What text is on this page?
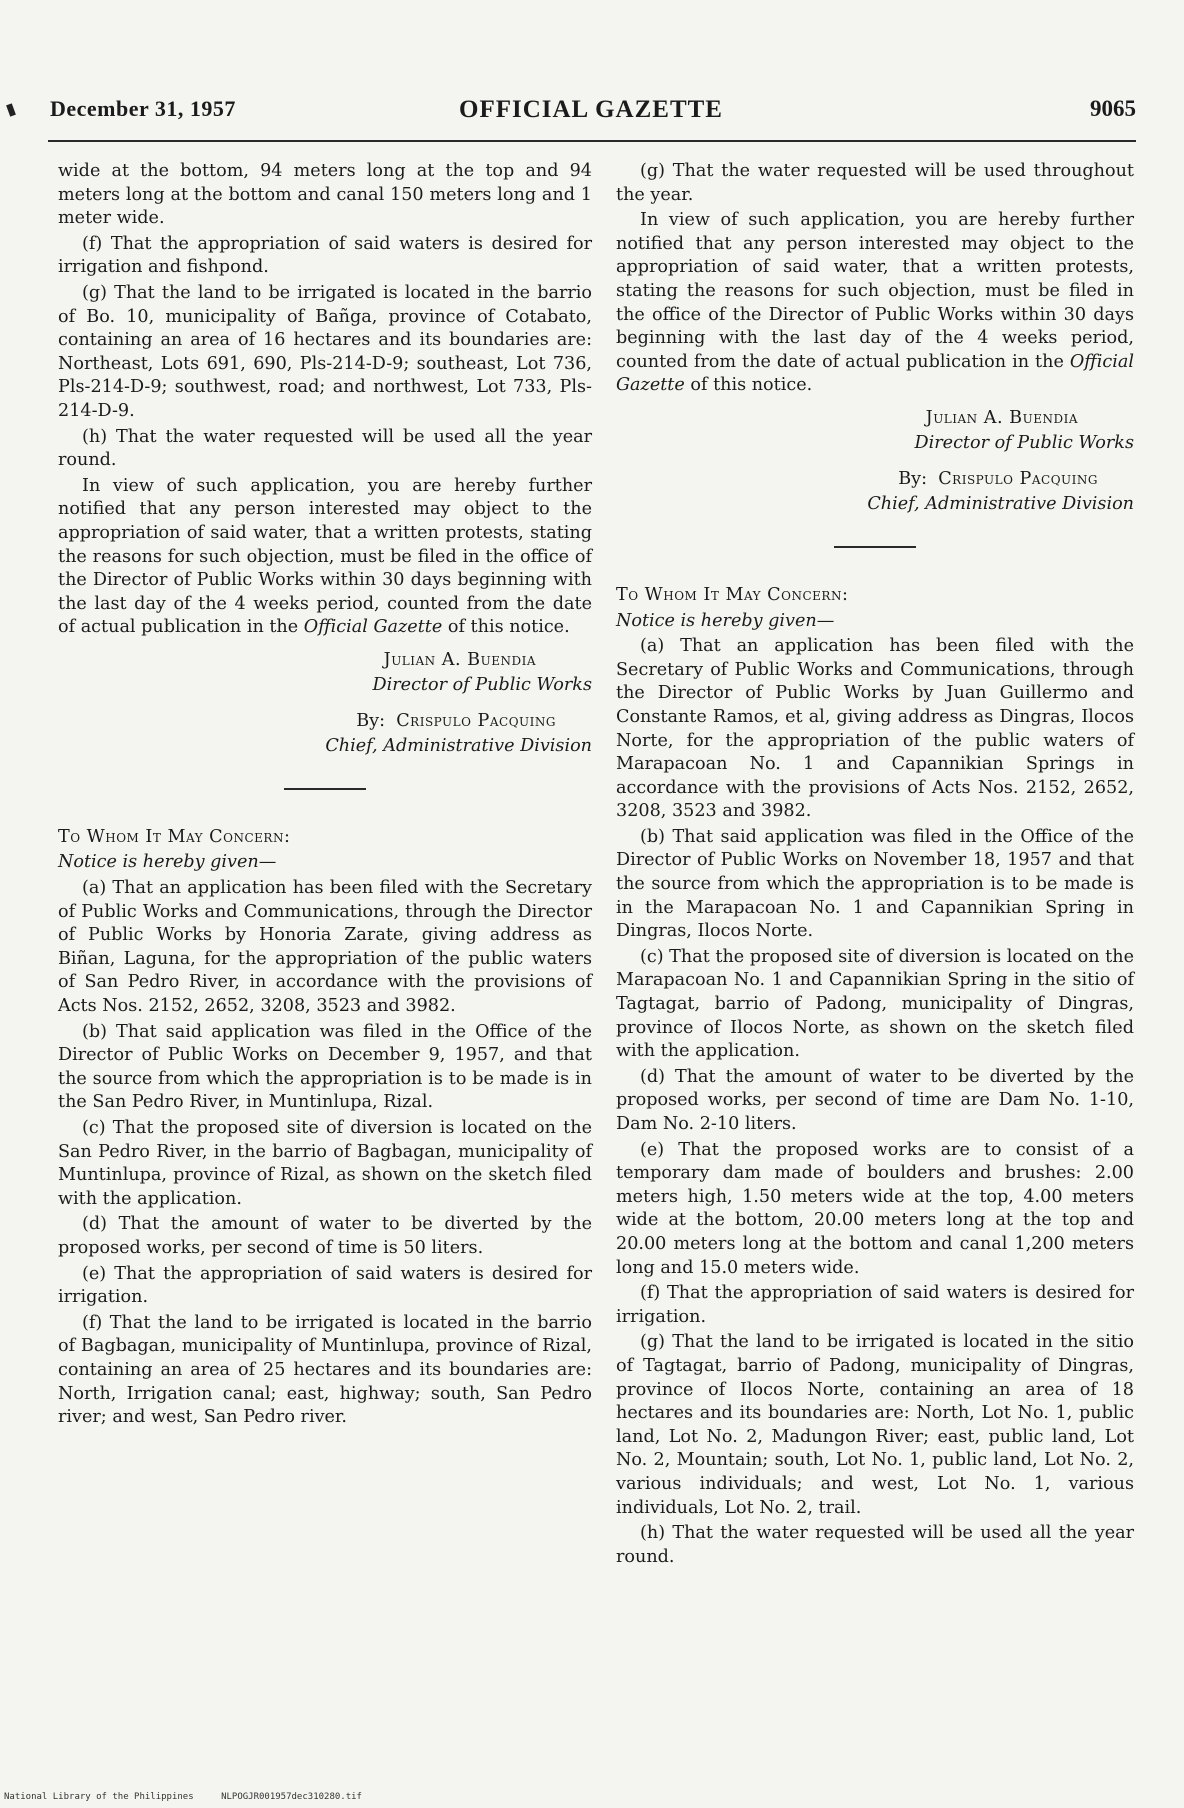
December 31, 1957	OFFICIAL GAZETTE	9065

wide at the bottom, 94 meters long at the top and 94 meters long at the bottom and canal 150 meters long and 1 meter wide.

(f) That the appropriation of said waters is desired for irrigation and fishpond.

(g) That the land to be irrigated is located in the barrio of Bo. 10, municipality of Bañga, province of Cotabato, containing an area of 16 hectares and its boundaries are: Northeast, Lots 691, 690, Pls-214-D-9; southeast, Lot 736, Pls-214-D-9; southwest, road; and northwest, Lot 733, Pls-214-D-9.

(h) That the water requested will be used all the year round.

In view of such application, you are hereby further notified that any person interested may object to the appropriation of said water, that a written protests, stating the reasons for such objection, must be filed in the office of the Director of Public Works within 30 days beginning with the last day of the 4 weeks period, counted from the date of actual publication in the Official Gazette of this notice.

Julian A. Buendia
Director of Public Works
By: Crispulo Pacquing
Chief, Administrative Division

To Whom It May Concern:

Notice is hereby given—

(a) That an application has been filed with the Secretary of Public Works and Communications, through the Director of Public Works by Honoria Zarate, giving address as Biñan, Laguna, for the appropriation of the public waters of San Pedro River, in accordance with the provisions of Acts Nos. 2152, 2652, 3208, 3523 and 3982.

(b) That said application was filed in the Office of the Director of Public Works on December 9, 1957, and that the source from which the appropriation is to be made is in the San Pedro River, in Muntinlupa, Rizal.

(c) That the proposed site of diversion is located on the San Pedro River, in the barrio of Bagbagan, municipality of Muntinlupa, province of Rizal, as shown on the sketch filed with the application.

(d) That the amount of water to be diverted by the proposed works, per second of time is 50 liters.

(e) That the appropriation of said waters is desired for irrigation.

(f) That the land to be irrigated is located in the barrio of Bagbagan, municipality of Muntinlupa, province of Rizal, containing an area of 25 hectares and its boundaries are: North, Irrigation canal; east, highway; south, San Pedro river; and west, San Pedro river.

(g) That the water requested will be used throughout the year.

In view of such application, you are hereby further notified that any person interested may object to the appropriation of said water, that a written protests, stating the reasons for such objection, must be filed in the office of the Director of Public Works within 30 days beginning with the last day of the 4 weeks period, counted from the date of actual publication in the Official Gazette of this notice.

Julian A. Buendia
Director of Public Works
By: Crispulo Pacquing
Chief, Administrative Division

To Whom It May Concern:

Notice is hereby given—

(a) That an application has been filed with the Secretary of Public Works and Communications, through the Director of Public Works by Juan Guillermo and Constante Ramos, et al, giving address as Dingras, Ilocos Norte, for the appropriation of the public waters of Marapacoan No. 1 and Capannikian Springs in accordance with the provisions of Acts Nos. 2152, 2652, 3208, 3523 and 3982.

(b) That said application was filed in the Office of the Director of Public Works on November 18, 1957 and that the source from which the appropriation is to be made is in the Marapacoan No. 1 and Capannikian Spring in Dingras, Ilocos Norte.

(c) That the proposed site of diversion is located on the Marapacoan No. 1 and Capannikian Spring in the sitio of Tagtagat, barrio of Padong, municipality of Dingras, province of Ilocos Norte, as shown on the sketch filed with the application.

(d) That the amount of water to be diverted by the proposed works, per second of time are Dam No. 1-10, Dam No. 2-10 liters.

(e) That the proposed works are to consist of a temporary dam made of boulders and brushes: 2.00 meters high, 1.50 meters wide at the top, 4.00 meters wide at the bottom, 20.00 meters long at the top and 20.00 meters long at the bottom and canal 1,200 meters long and 15.0 meters wide.

(f) That the appropriation of said waters is desired for irrigation.

(g) That the land to be irrigated is located in the sitio of Tagtagat, barrio of Padong, municipality of Dingras, province of Ilocos Norte, containing an area of 18 hectares and its boundaries are: North, Lot No. 1, public land, Lot No. 2, Madungon River; east, public land, Lot No. 2, Mountain; south, Lot No. 1, public land, Lot No. 2, various individuals; and west, Lot No. 1, various individuals, Lot No. 2, trail.

(h) That the water requested will be used all the year round.

National Library of the Philippines	NLPOGJR001957dec310280.tif
